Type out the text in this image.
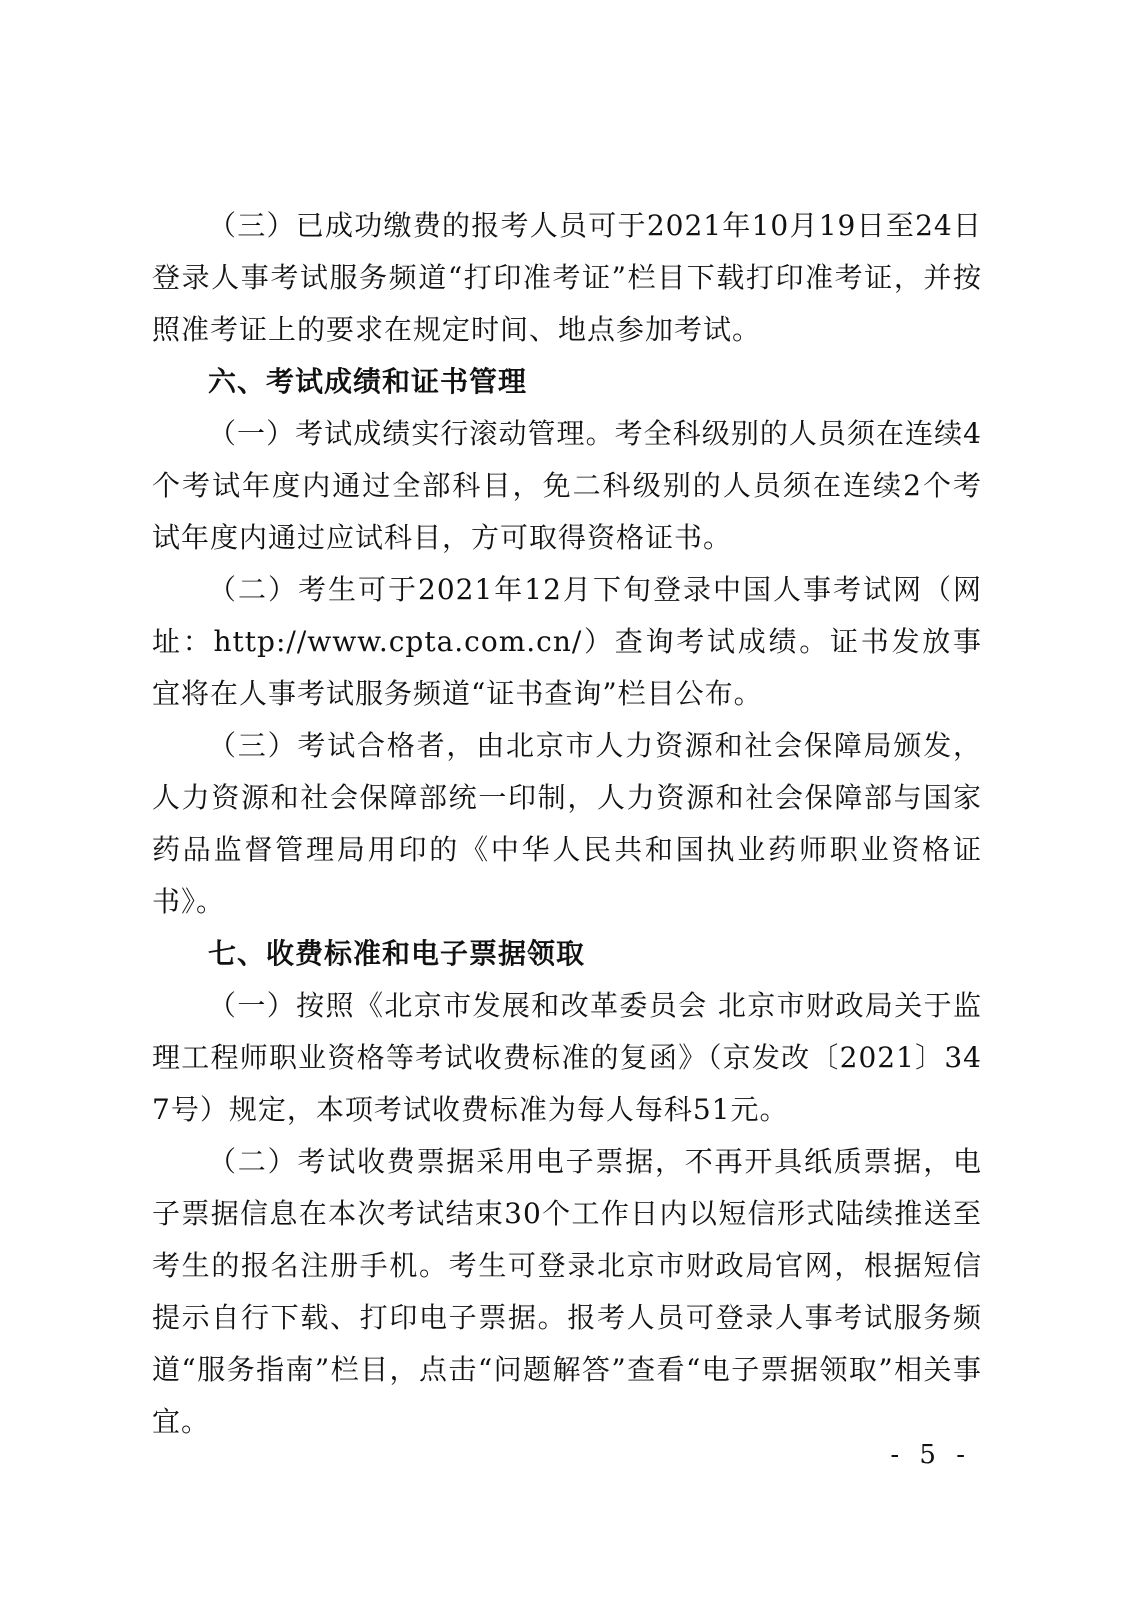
（三）已成功缴费的报考人员可于2021年10月19日至24日登录人事考试服务频道“打印准考证”栏目下载打印准考证，并按照准考证上的要求在规定时间、地点参加考试。

六、考试成绩和证书管理

（一）考试成绩实行滚动管理。考全科级别的人员须在连续4个考试年度内通过全部科目，免二科级别的人员须在连续2个考试年度内通过应试科目，方可取得资格证书。

（二）考生可于2021年12月下旬登录中国人事考试网（网址：http://www.cpta.com.cn/）查询考试成绩。证书发放事宜将在人事考试服务频道“证书查询”栏目公布。

（三）考试合格者，由北京市人力资源和社会保障局颁发，人力资源和社会保障部统一印制，人力资源和社会保障部与国家药品监督管理局用印的《中华人民共和国执业药师职业资格证书》。

七、收费标准和电子票据领取

（一）按照《北京市发展和改革委员会 北京市财政局关于监理工程师职业资格等考试收费标准的复函》（京发改〔2021〕347号）规定，本项考试收费标准为每人每科51元。

（二）考试收费票据采用电子票据，不再开具纸质票据，电子票据信息在本次考试结束30个工作日内以短信形式陆续推送至考生的报名注册手机。考生可登录北京市财政局官网，根据短信提示自行下载、打印电子票据。报考人员可登录人事考试服务频道“服务指南”栏目，点击“问题解答”查看“电子票据领取”相关事宜。

- 5 -
